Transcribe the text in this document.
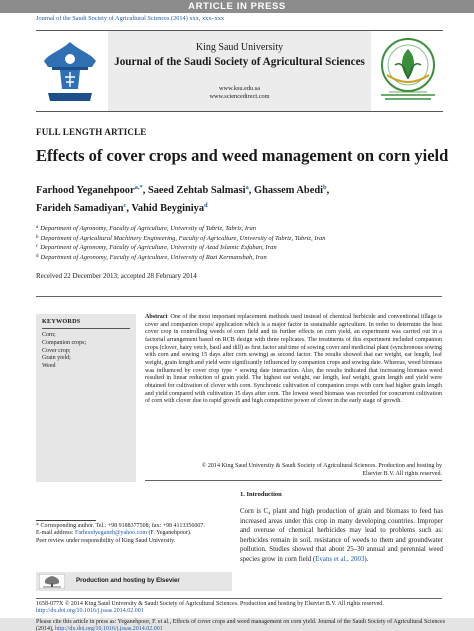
ARTICLE IN PRESS
Journal of the Saudi Society of Agricultural Sciences (2014) xxx, xxx–xxx
King Saud University
Journal of the Saudi Society of Agricultural Sciences
www.ksu.edu.sa
www.sciencedirect.com
FULL LENGTH ARTICLE
Effects of cover crops and weed management on corn yield
Farhood Yeganehpoor$^{a,*}$, Saeed Zehtab Salmasi$^a$, Ghassem Abedi$^b$,
Farideh Samadiyan$^c$, Vahid Beyginiya$^d$
$^a$ Department of Agronomy, Faculty of Agriculture, University of Tabriz, Tabriz, Iran
$^b$ Department of Agricultural Machinery Engineering, Faculty of Agriculture, University of Tabriz, Tabriz, Iran
$^c$ Department of Agronomy, Faculty of Agriculture, University of Azad Islamic Esfahan, Iran
$^d$ Department of Agronomy, Faculty of Agriculture, University of Razi Kermanshah, Iran
Received 22 December 2013; accepted 28 February 2014
KEYWORDS
Corn;
Companion crops;
Cover crop;
Grain yield;
Weed
Abstract One of the most important replacement methods used instead of chemical herbicide and conventional tillage is cover and companion crops' application which is a major factor in sustainable agriculture. In order to determine the best cover crop in controlling weeds of corn field and its further effects on corn yield, an experiment was carried out in a factorial arrangement based on RCB design with three replicates. The treatments of this experiment included companion crops (clover, hairy vetch, basil and dill) as first factor and time of sowing cover and medicinal plant (synchronous sowing with corn and sowing 15 days after corn sowing) as second factor. The results showed that ear weight, ear length, leaf weight, grain length and yield were significantly influenced by companion crops and sowing date. Whereas, weed biomass was influenced by cover crop type × sowing date interaction. Also, the results indicated that increasing biomass weed resulted in linear reduction of grain yield. The highest ear weight, ear length, leaf weight, grain length and yield were obtained for cultivation of clover with corn. Synchronic cultivation of companion crops with corn had higher grain length and yield compared with cultivation 15 days after corn. The lowest weed biomass was recorded for concurrent cultivation of corn with clover due to rapid growth and high competitive power of clover in the early stage of growth.
© 2014 King Saud University & Saudi Society of Agricultural Sciences. Production and hosting by
Elsevier B.V. All rights reserved.
1. Introduction
Corn is C₄ plant and high production of grain and biomass to feed has increased areas under this crop in many developing countries. Improper and overuse of chemical herbicides may lead to problems such as: herbicides remain in soil, resistance of weeds to them and groundwater pollution. Studies showed that about 25–30 annual and perennial weed species grow in corn field (Evans et al., 2003).
* Corresponding author. Tel.: +98 9188377508; fax: +98 4113356007.
E-mail address: Farhoodyeganeh@yahoo.com (F. Yeganehpoor).
Peer review under responsibility of King Saud University.
Production and hosting by Elsevier
1658-077X © 2014 King Saud University & Saudi Society of Agricultural Sciences. Production and hosting by Elsevier B.V. All rights reserved.
http://dx.doi.org/10.1016/j.jssas.2014.02.001
Please cite this article in press as: Yeganehpoor, F. et al., Effects of cover crops and weed management on corn yield. Journal of the Saudi Society of Agricultural Sciences (2014), http://dx.doi.org/10.1016/j.jssas.2014.02.001
